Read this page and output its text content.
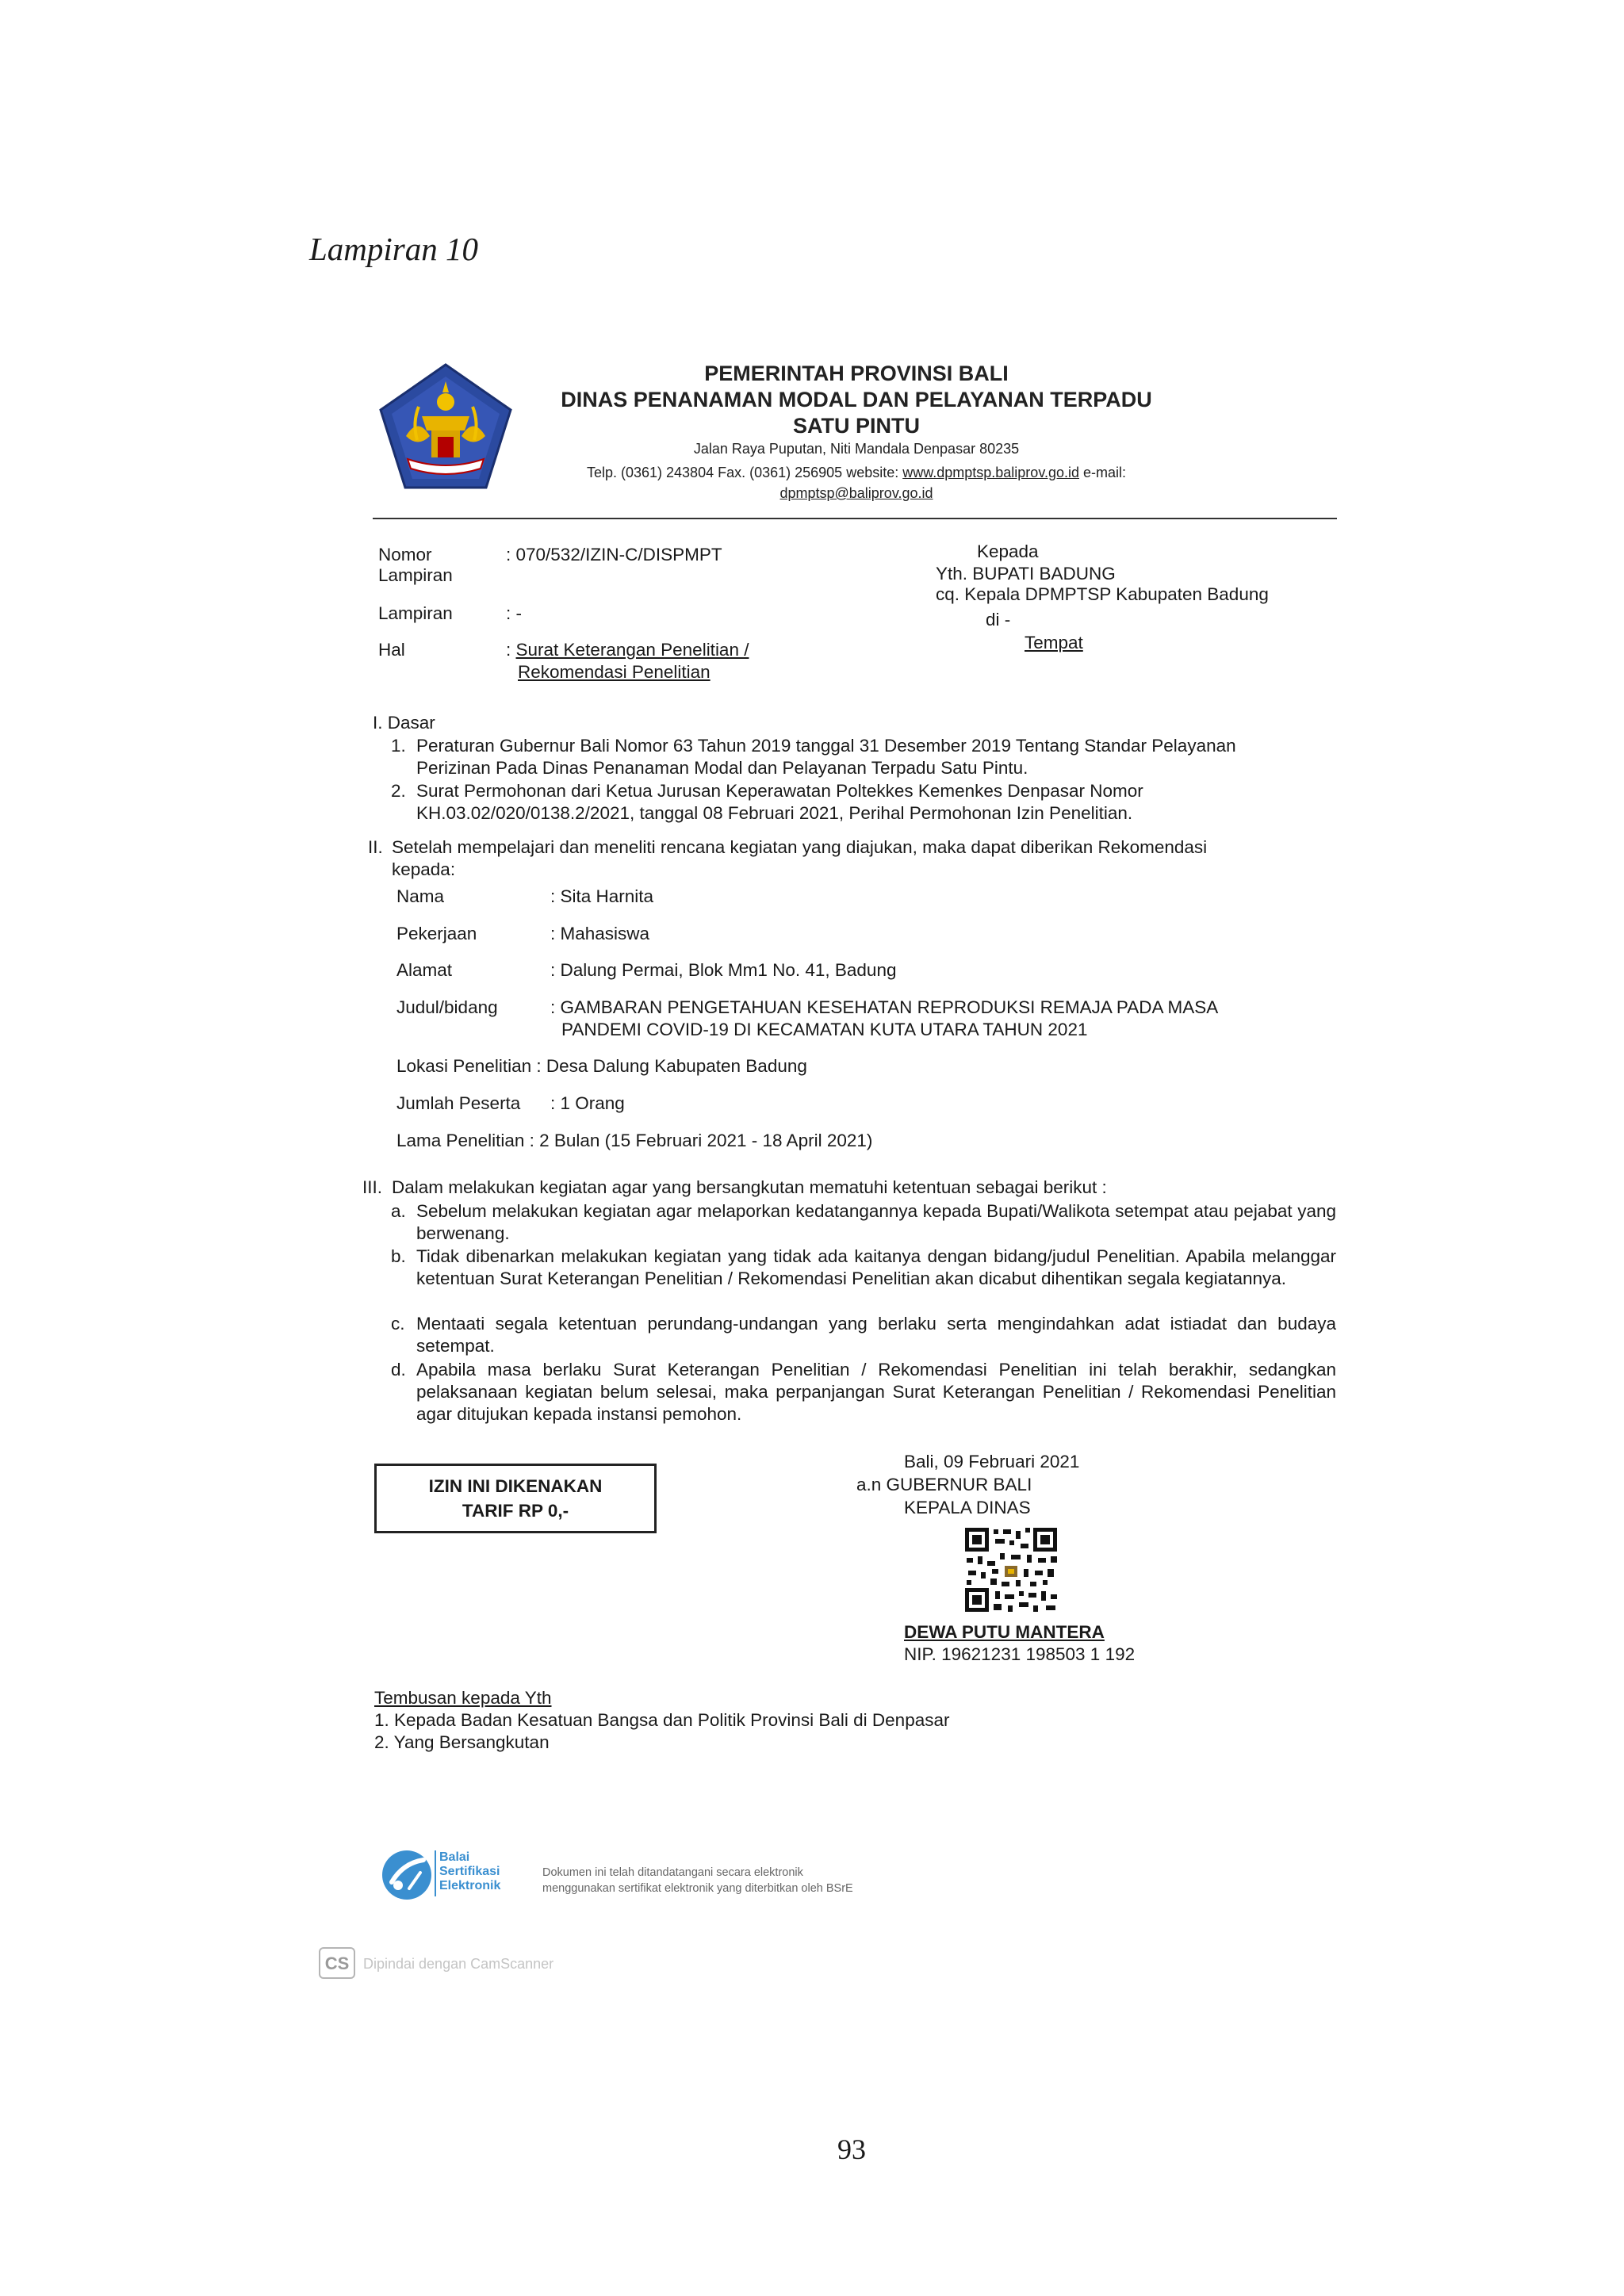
Lampiran 10
PEMERINTAH PROVINSI BALI
DINAS PENANAMAN MODAL DAN PELAYANAN TERPADU
SATU PINTU
Jalan Raya Puputan, Niti Mandala Denpasar 80235
Telp. (0361) 243804 Fax. (0361) 256905 website: www.dpmptsp.baliprov.go.id e-mail:
dpmptsp@baliprov.go.id
Nomor	: 070/532/IZIN-C/DISPMPT
Lampiran
Lampiran	: -
Hal	: Surat Keterangan Penelitian /
Rekomendasi Penelitian
Kepada
Yth. BUPATI BADUNG
cq. Kepala DPMPTSP Kabupaten Badung
di -
Tempat
I. Dasar
1. Peraturan Gubernur Bali Nomor 63 Tahun 2019 tanggal 31 Desember 2019 Tentang Standar Pelayanan
Perizinan Pada Dinas Penanaman Modal dan Pelayanan Terpadu Satu Pintu.
2. Surat Permohonan dari Ketua Jurusan Keperawatan Poltekkes Kemenkes Denpasar Nomor
KH.03.02/020/0138.2/2021, tanggal 08 Februari 2021, Perihal Permohonan Izin Penelitian.
II. Setelah mempelajari dan meneliti rencana kegiatan yang diajukan, maka dapat diberikan Rekomendasi
kepada:
Nama	: Sita Harnita
Pekerjaan	: Mahasiswa
Alamat	: Dalung Permai, Blok Mm1 No. 41, Badung
Judul/bidang	: GAMBARAN PENGETAHUAN KESEHATAN REPRODUKSI REMAJA PADA MASA
PANDEMI COVID-19 DI KECAMATAN KUTA UTARA TAHUN 2021
Lokasi Penelitian : Desa Dalung Kabupaten Badung
Jumlah Peserta : 1 Orang
Lama Penelitian : 2 Bulan (15 Februari 2021 - 18 April 2021)
III. Dalam melakukan kegiatan agar yang bersangkutan mematuhi ketentuan sebagai berikut :
a. Sebelum melakukan kegiatan agar melaporkan kedatangannya kepada Bupati/Walikota setempat atau pejabat yang berwenang.
b. Tidak dibenarkan melakukan kegiatan yang tidak ada kaitanya dengan bidang/judul Penelitian. Apabila melanggar ketentuan Surat Keterangan Penelitian / Rekomendasi Penelitian akan dicabut dihentikan segala kegiatannya.
c. Mentaati segala ketentuan perundang-undangan yang berlaku serta mengindahkan adat istiadat dan budaya setempat.
d. Apabila masa berlaku Surat Keterangan Penelitian / Rekomendasi Penelitian ini telah berakhir, sedangkan pelaksanaan kegiatan belum selesai, maka perpanjangan Surat Keterangan Penelitian / Rekomendasi Penelitian agar ditujukan kepada instansi pemohon.
IZIN INI DIKENAKAN
TARIF RP 0,-
Bali, 09 Februari 2021
a.n GUBERNUR BALI
KEPALA DINAS
DEWA PUTU MANTERA
NIP. 19621231 198503 1 192
Tembusan kepada Yth
1. Kepada Badan Kesatuan Bangsa dan Politik Provinsi Bali di Denpasar
2. Yang Bersangkutan
Balai
Sertifikasi
Elektronik
Dokumen ini telah ditandatangani secara elektronik
menggunakan sertifikat elektronik yang diterbitkan oleh BSrE
CS Dipindai dengan CamScanner
93
